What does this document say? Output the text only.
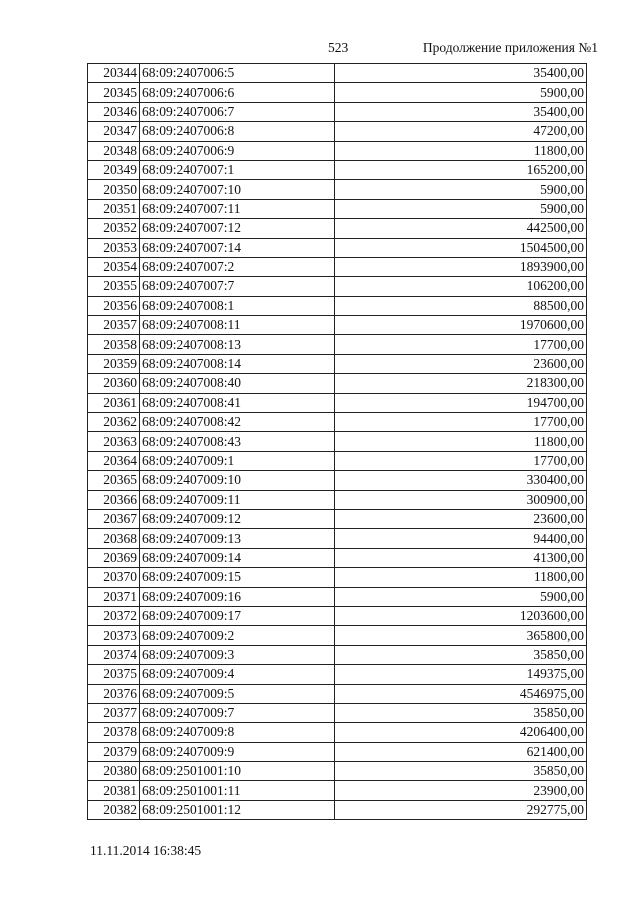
523	Продолжение приложения №1
20344	68:09:2407006:5	35400,00
20345	68:09:2407006:6	5900,00
20346	68:09:2407006:7	35400,00
20347	68:09:2407006:8	47200,00
20348	68:09:2407006:9	11800,00
20349	68:09:2407007:1	165200,00
20350	68:09:2407007:10	5900,00
20351	68:09:2407007:11	5900,00
20352	68:09:2407007:12	442500,00
20353	68:09:2407007:14	1504500,00
20354	68:09:2407007:2	1893900,00
20355	68:09:2407007:7	106200,00
20356	68:09:2407008:1	88500,00
20357	68:09:2407008:11	1970600,00
20358	68:09:2407008:13	17700,00
20359	68:09:2407008:14	23600,00
20360	68:09:2407008:40	218300,00
20361	68:09:2407008:41	194700,00
20362	68:09:2407008:42	17700,00
20363	68:09:2407008:43	11800,00
20364	68:09:2407009:1	17700,00
20365	68:09:2407009:10	330400,00
20366	68:09:2407009:11	300900,00
20367	68:09:2407009:12	23600,00
20368	68:09:2407009:13	94400,00
20369	68:09:2407009:14	41300,00
20370	68:09:2407009:15	11800,00
20371	68:09:2407009:16	5900,00
20372	68:09:2407009:17	1203600,00
20373	68:09:2407009:2	365800,00
20374	68:09:2407009:3	35850,00
20375	68:09:2407009:4	149375,00
20376	68:09:2407009:5	4546975,00
20377	68:09:2407009:7	35850,00
20378	68:09:2407009:8	4206400,00
20379	68:09:2407009:9	621400,00
20380	68:09:2501001:10	35850,00
20381	68:09:2501001:11	23900,00
20382	68:09:2501001:12	292775,00
11.11.2014 16:38:45
